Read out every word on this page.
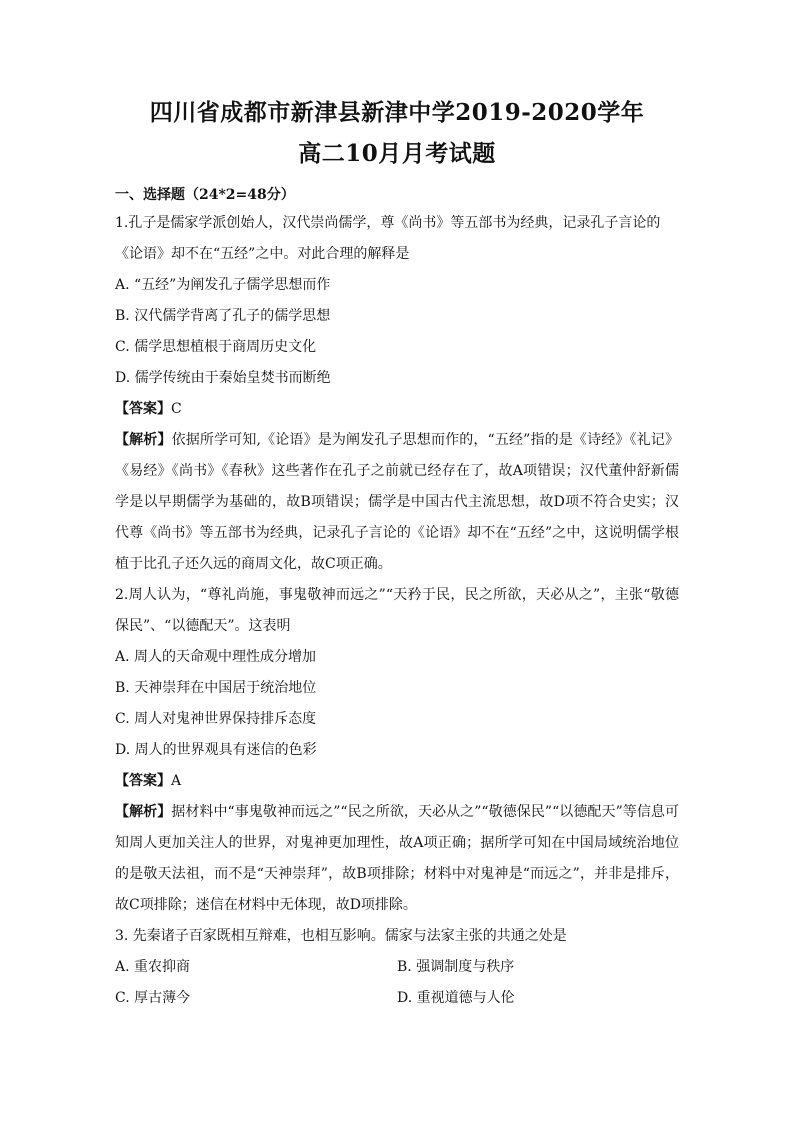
四川省成都市新津县新津中学2019-2020学年
高二10月月考试题
一、选择题（24*2=48分）
1.孔子是儒家学派创始人，汉代崇尚儒学，尊《尚书》等五部书为经典，记录孔子言论的
《论语》却不在“五经”之中。对此合理的解释是
A. “五经”为阐发孔子儒学思想而作
B. 汉代儒学背离了孔子的儒学思想
C. 儒学思想植根于商周历史文化
D. 儒学传统由于秦始皇焚书而断绝
【答案】C

【解析】依据所学可知,《论语》是为阐发孔子思想而作的，“五经”指的是《诗经》《礼记》《易经》《尚书》《春秋》这些著作在孔子之前就已经存在了，故A项错误；汉代董仲舒新儒学是以早期儒学为基础的，故B项错误；儒学是中国古代主流思想，故D项不符合史实；汉代尊《尚书》等五部书为经典，记录孔子言论的《论语》却不在“五经”之中，这说明儒学根植于比孔子还久远的商周文化，故C项正确。

2.周人认为，“尊礼尚施，事鬼敬神而远之”“天矜于民，民之所欲，天必从之”，主张“敬德保民”、“以德配天”。这表明

A. 周人的天命观中理性成分增加
B. 天神崇拜在中国居于统治地位
C. 周人对鬼神世界保持排斥态度
D. 周人的世界观具有迷信的色彩
【答案】A

【解析】据材料中“事鬼敬神而远之”“民之所欲，天必从之”“敬德保民”“以德配天”等信息可知周人更加关注人的世界，对鬼神更加理性，故A项正确；据所学可知在中国局域统治地位的是敬天法祖，而不是“天神崇拜”，故B项排除；材料中对鬼神是“而远之”，并非是排斥，故C项排除；迷信在材料中无体现，故D项排除。

3. 先秦诸子百家既相互辩难，也相互影响。儒家与法家主张的共通之处是
A. 重农抑商	B. 强调制度与秩序
C. 厚古薄今	D. 重视道德与人伦
